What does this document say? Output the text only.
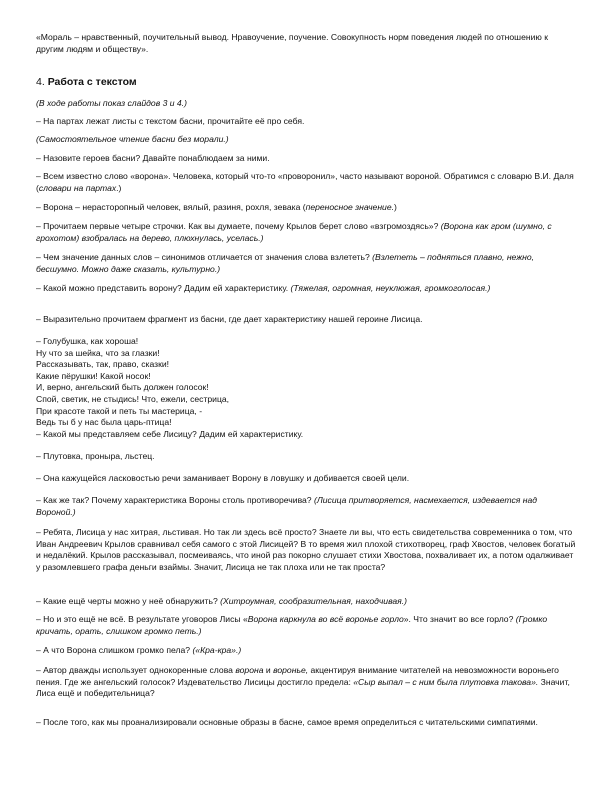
«Мораль – нравственный, поучительный вывод. Нравоучение, поучение. Совокупность норм поведения людей по отношению к другим людям и обществу».

4. Работа с текстом

(В ходе работы показ слайдов 3 и 4.)

– На партах лежат листы с текстом басни, прочитайте её про себя.

(Самостоятельное чтение басни без морали.)

– Назовите героев басни? Давайте понаблюдаем за ними.

– Всем известно слово «ворона». Человека, который что-то «проворонил», часто называют вороной. Обратимся с словарю В.И. Даля (словари на партах.)

– Ворона – нерасторопный человек, вялый, разиня, рохля, зевака (переносное значение.)

– Прочитаем первые четыре строчки. Как вы думаете, почему Крылов берет слово «взгромоздясь»? (Ворона как гром (шумно, с грохотом) взобралась на дерево, плюхнулась, уселась.)

– Чем значение данных слов – синонимов отличается от значения слова взлететь? (Взлететь – подняться плавно, нежно, бесшумно. Можно даже сказать, культурно.)

– Какой можно представить ворону? Дадим ей характеристику. (Тяжелая, огромная, неуклюжая, громкоголосая.)

– Выразительно прочитаем фрагмент из басни, где дает характеристику нашей героине Лисица.

– Голубушка, как хороша!
Ну что за шейка, что за глазки!
Рассказывать, так, право, сказки!
Какие пёрушки! Какой носок!
И, верно, ангельский быть должен голосок!
Спой, светик, не стыдись! Что, ежели, сестрица,
При красоте такой и петь ты мастерица, -
Ведь ты б у нас была царь-птица!
– Какой мы представляем себе Лисицу? Дадим ей характеристику.

– Плутовка, проныра, льстец.

– Она кажущейся ласковостью речи заманивает Ворону в ловушку и добивается своей цели.

– Как же так? Почему характеристика Вороны столь противоречива? (Лисица притворяется, насмехается, издевается над Вороной.)

– Ребята, Лисица у нас хитрая, льстивая. Но так ли здесь всё просто? Знаете ли вы, что есть свидетельства современника о том, что Иван Андреевич Крылов сравнивал себя самого с этой Лисицей? В то время жил плохой стихотворец, граф Хвостов, человек богатый и недалёкий. Крылов рассказывал, посмеиваясь, что иной раз покорно слушает стихи Хвостова, похваливает их, а потом одалживает у разомлевшего графа деньги взаймы. Значит, Лисица не так плоха или не так проста?

– Какие ещё черты можно у неё обнаружить? (Хитроумная, сообразительная, находчивая.)

– Но и это ещё не всё. В результате уговоров Лисы «Ворона каркнула во всё воронье горло». Что значит во все горло? (Громко кричать, орать, слишком громко петь.)

– А что Ворона слишком громко пела? («Кра-кра».)

– Автор дважды использует однокоренные слова ворона и воронье, акцентируя внимание читателей на невозможности вороньего пения. Где же ангельский голосок? Издевательство Лисицы достигло предела: «Сыр выпал – с ним была плутовка такова». Значит, Лиса ещё и победительница?

– После того, как мы проанализировали основные образы в басне, самое время определиться с читательскими симпатиями.
